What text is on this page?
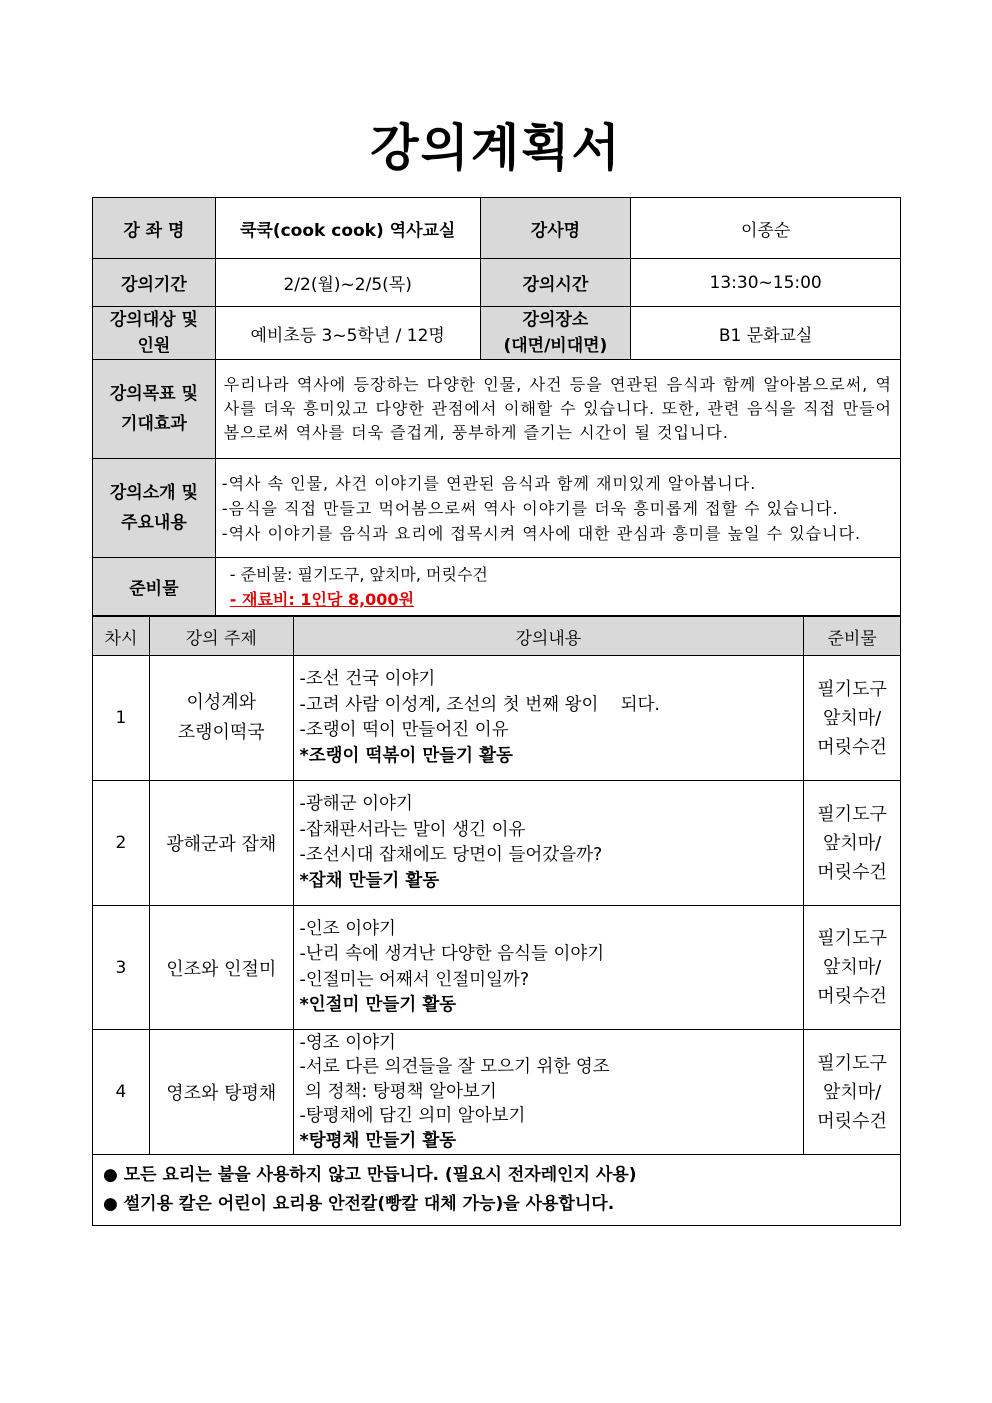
강의계획서
강 좌 명	쿡쿡(cook cook) 역사교실	강사명	이종순
강의기간	2/2(월)~2/5(목)	강의시간	13:30~15:00

강의대상 및
인원	예비초등 3~5학년 / 12명	강의장소
(대면/비대면)	B1 문화교실

강의목표 및
기대효과	우리나라 역사에 등장하는 다양한 인물, 사건 등을 연관된 음식과 함께 알아봄으로써, 역사를 더욱 흥미있고 다양한 관점에서 이해할 수 있습니다. 또한, 관련 음식을 직접 만들어 봄으로써 역사를 더욱 즐겁게, 풍부하게 즐기는 시간이 될 것입니다.		

강의소개 및
주요내용	-역사 속 인물, 사건 이야기를 연관된 음식과 함께 재미있게 알아봅니다.
-음식을 직접 만들고 먹어봄으로써 역사 이야기를 더욱 흥미롭게 접할 수 있습니다.
-역사 이야기를 음식과 요리에 접목시켜 역사에 대한 관심과 흥미를 높일 수 있습니다.		

준비물	- 준비물: 필기도구, 앞치마, 머릿수건
- 재료비: 1인당 8,000원		
차시	강의 주제	강의내용	준비물
1	이성계와
조랭이떡국	-조선 건국 이야기
-고려 사람 이성계, 조선의 첫 번째 왕이    되다.
-조랭이 떡이 만들어진 이유
*조랭이 떡볶이 만들기 활동	필기도구
앞치마/
머릿수건

2	광해군과 잡채	-광해군 이야기
-잡채판서라는 말이 생긴 이유
-조선시대 잡채에도 당면이 들어갔을까?
*잡채 만들기 활동	필기도구
앞치마/
머릿수건

3	인조와 인절미	-인조 이야기
-난리 속에 생겨난 다양한 음식들 이야기
-인절미는 어째서 인절미일까?
*인절미 만들기 활동	필기도구
앞치마/
머릿수건

4	영조와 탕평채	-영조 이야기
-서로 다른 의견들을 잘 모으기 위한 영조
의 정책: 탕평책 알아보기
-탕평채에 담긴 의미 알아보기
*탕평채 만들기 활동	필기도구
앞치마/
머릿수건

● 모든 요리는 불을 사용하지 않고 만듭니다. (필요시 전자레인지 사용)
● 썰기용 칼은 어린이 요리용 안전칼(빵칼 대체 가능)을 사용합니다.			
